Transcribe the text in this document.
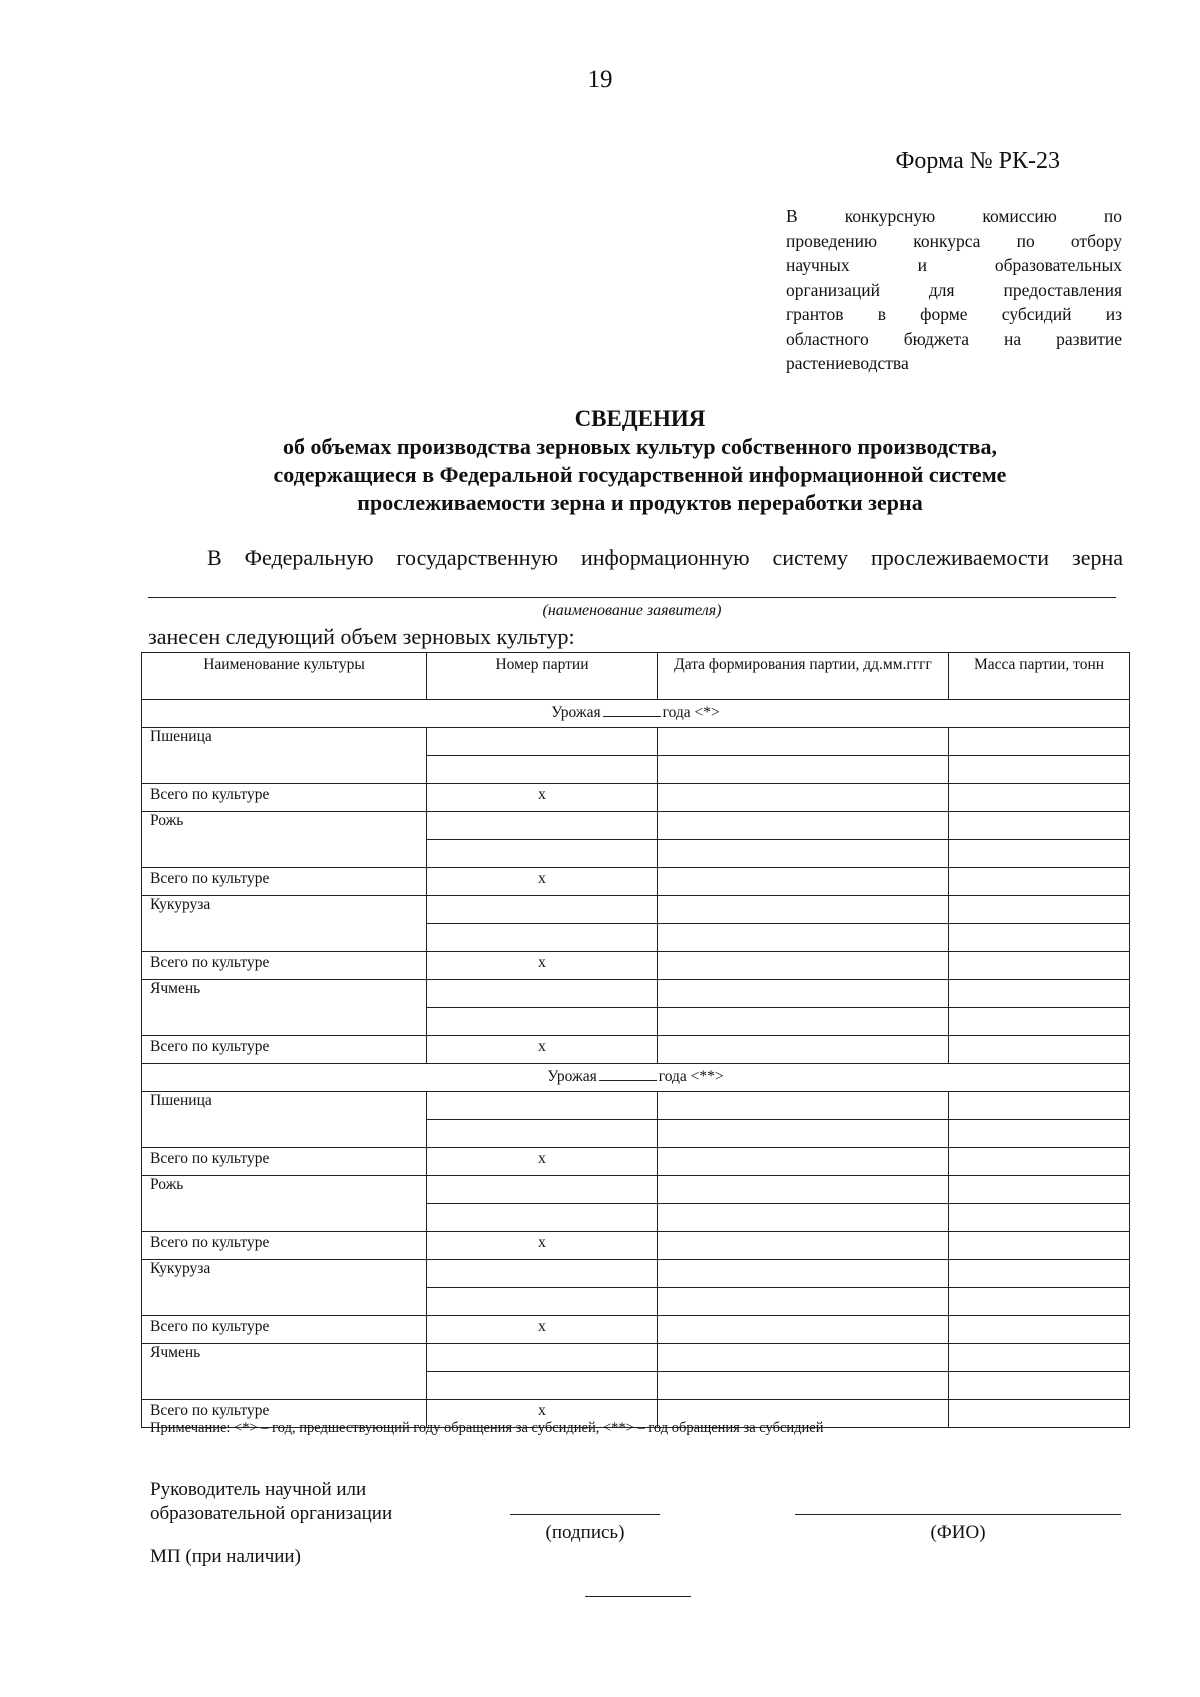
19
Форма № РК-23
В конкурсную комиссию по
проведению конкурса по отбору
научных и образовательных
организаций для предоставления
грантов в форме субсидий из
областного бюджета на развитие
растениеводства
СВЕДЕНИЯ
об объемах производства зерновых культур собственного производства,
содержащиеся в Федеральной государственной информационной системе
прослеживаемости зерна и продуктов переработки зерна
В Федеральную государственную информационную систему прослеживаемости зерна
(наименование заявителя)
занесен следующий объем зерновых культур:
Наименование культуры	Номер партии	Дата формирования партии, дд.мм.гггг	Масса партии, тонн
Урожая года <*>			
Пшеница			

Всего по культуре	x		
Рожь			

Всего по культуре	x		
Кукуруза			

Всего по культуре	x		
Ячмень			

Всего по культуре	x		
Урожая года <**>			
Пшеница			

Всего по культуре	x		
Рожь			

Всего по культуре	x		
Кукуруза			

Всего по культуре	x		
Ячмень			

Всего по культуре	x		
Примечание: <*> – год, предшествующий году обращения за субсидией, <**> – год обращения за субсидией
Руководитель научной или
образовательной организации
(подпись)	(ФИО)
МП (при наличии)
